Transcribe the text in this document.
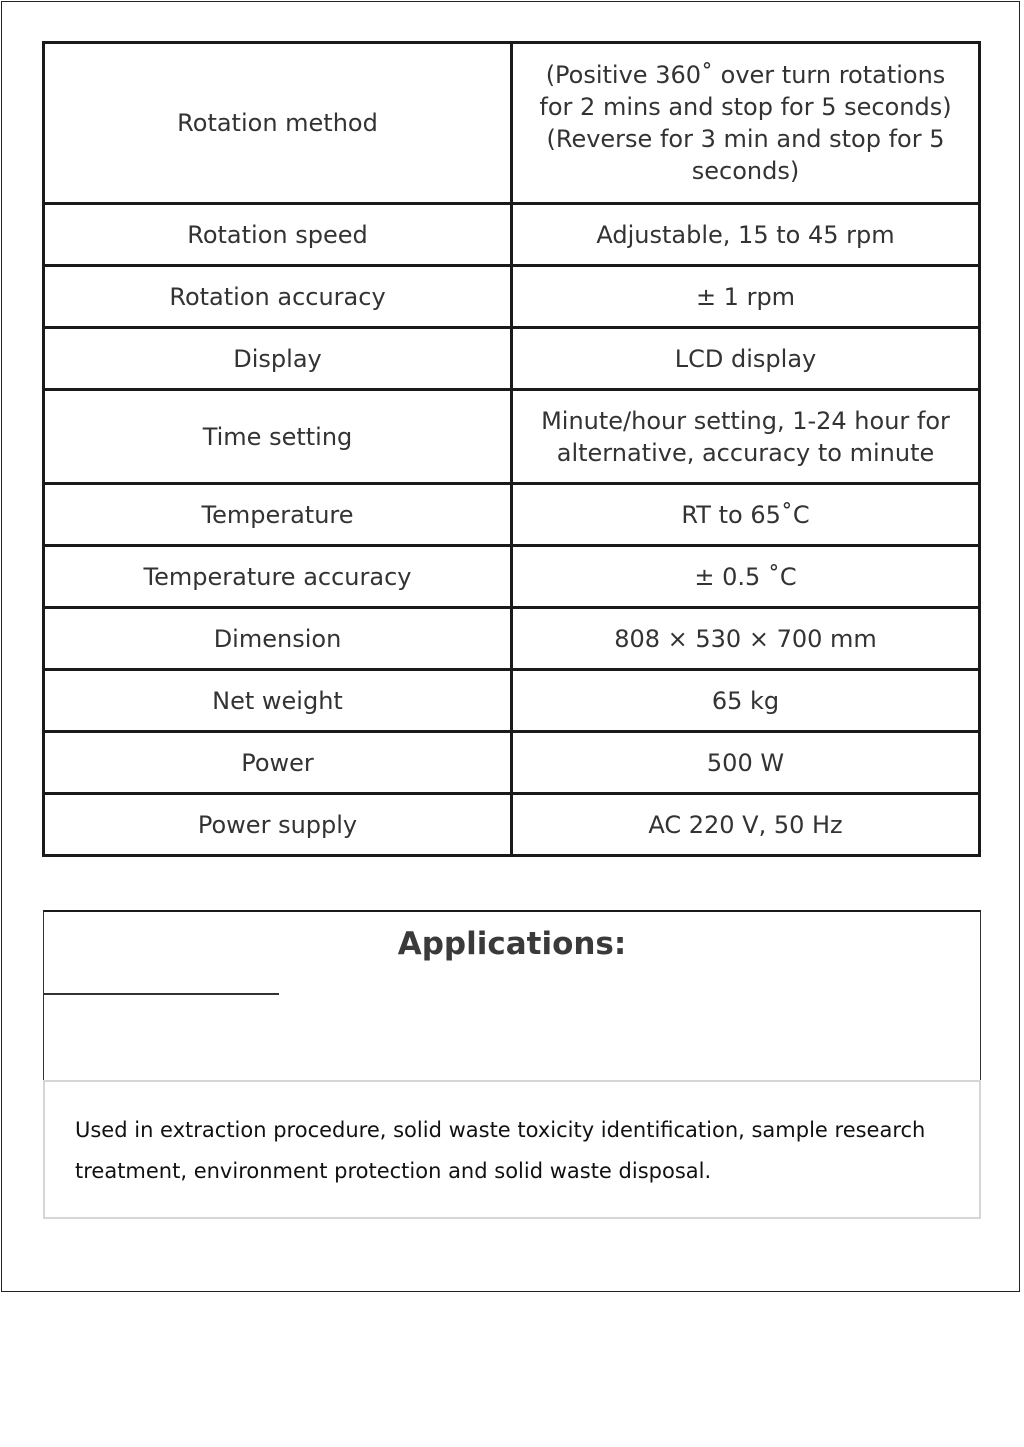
Rotation method	(Positive 360˚ over turn rotations for 2 mins and stop for 5 seconds) (Reverse for 3 min and stop for 5 seconds)
Rotation speed	Adjustable, 15 to 45 rpm
Rotation accuracy	± 1 rpm
Display	LCD display
Time setting	Minute/hour setting, 1-24 hour for alternative, accuracy to minute
Temperature	RT to 65˚C
Temperature accuracy	± 0.5 ˚C
Dimension	808 × 530 × 700 mm
Net weight	65 kg
Power	500 W
Power supply	AC 220 V, 50 Hz
Applications:
Used in extraction procedure, solid waste toxicity identification, sample research treatment, environment protection and solid waste disposal.
